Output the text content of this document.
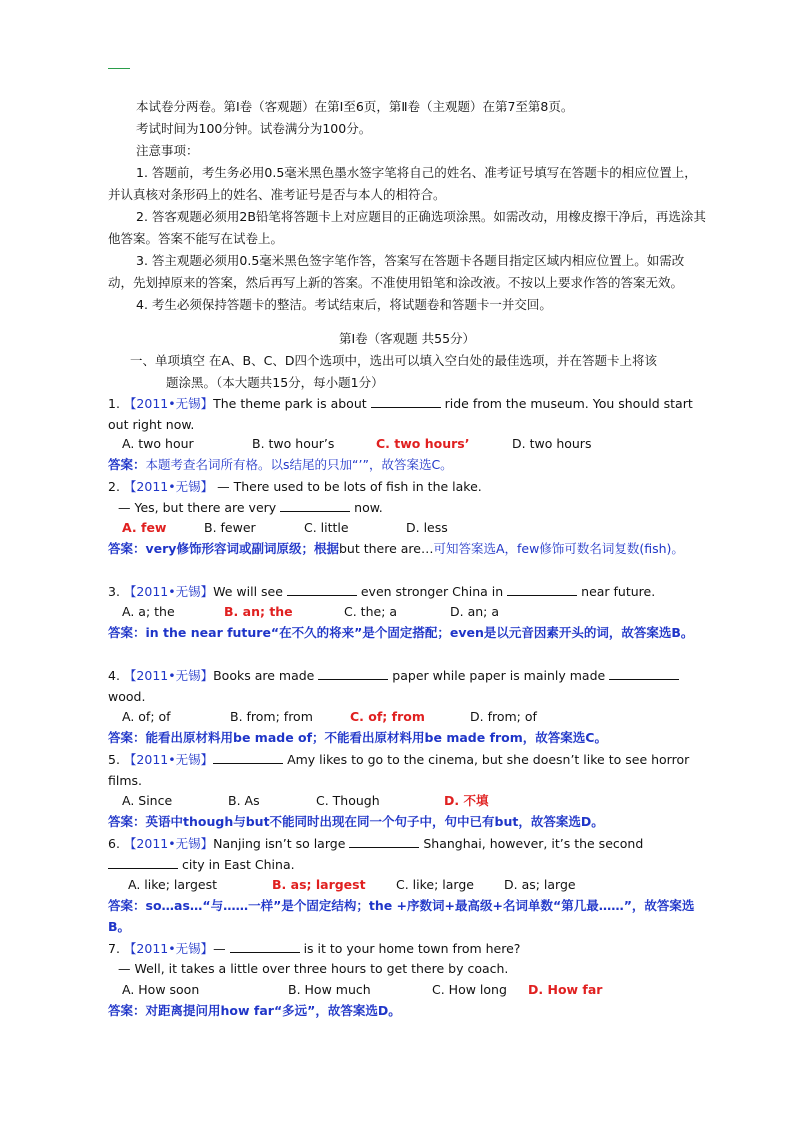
本试卷分两卷。第Ⅰ卷（客观题）在第Ⅰ至6页，第Ⅱ卷（主观题）在第7至第8页。
考试时间为100分钟。试卷满分为100分。
注意事项：
1. 答题前，考生务必用0.5毫米黑色墨水签字笔将自己的姓名、准考证号填写在答题卡的相应位置上，并认真核对条形码上的姓名、准考证号是否与本人的相符合。
2. 答客观题必须用2B铅笔将答题卡上对应题目的正确选项涂黑。如需改动，用橡皮擦干净后，再选涂其他答案。答案不能写在试卷上。
3. 答主观题必须用0.5毫米黑色签字笔作答，答案写在答题卡各题目指定区域内相应位置上。如需改动，先划掉原来的答案，然后再写上新的答案。不准使用铅笔和涂改液。不按以上要求作答的答案无效。
4. 考生必须保持答题卡的整洁。考试结束后，将试题卷和答题卡一并交回。
第Ⅰ卷（客观题 共55分）
一、单项填空 在A、B、C、D四个选项中，选出可以填入空白处的最佳选项，并在答题卡上将该
题涂黑。（本大题共15分，每小题1分）
1. 【2011•无锡】The theme park is about	ride from the museum. You should start out right now.
A. two hour	B. two hour’s	C. two hours’	D. two hours
答案：本题考查名词所有格。以s结尾的只加“’”，故答案选C。
2. 【2011•无锡】 — There used to be lots of fish in the lake.
— Yes, but there are very	now.
A. few	B. fewer	C. little	D. less
答案：very修饰形容词或副词原级；根据but there are…可知答案选A，few修饰可数名词复数(fish)。
3. 【2011•无锡】We will see	even stronger China in	near future.
A. a; the	B. an; the	C. the; a	D. an; a
答案：in the near future“在不久的将来”是个固定搭配；even是以元音因素开头的词，故答案选B。
4. 【2011•无锡】Books are made	paper while paper is mainly made
wood.
A. of; of	B. from; from	C. of; from	D. from; of
答案：能看出原材料用be made of；不能看出原材料用be made from，故答案选C。
5. 【2011•无锡】	Amy likes to go to the cinema, but she doesn’t like to see horror films.
A. Since	B. As	C. Though	D. 不填
答案：英语中though与but不能同时出现在同一个句子中，句中已有but，故答案选D。
6. 【2011•无锡】Nanjing isn’t so large	Shanghai, however, it’s the second  city in East China.
A. like; largest	B. as; largest C. like; large D. as; large
答案：so…as…“与……一样”是个固定结构；the +序数词+最高级+名词单数“第几最……”，故答案选B。
7. 【2011•无锡】—	is it to your home town from here?
— Well, it takes a little over three hours to get there by coach.
A. How soon	B. How much	C. How long D. How far
答案：对距离提问用how far“多远”，故答案选D。
